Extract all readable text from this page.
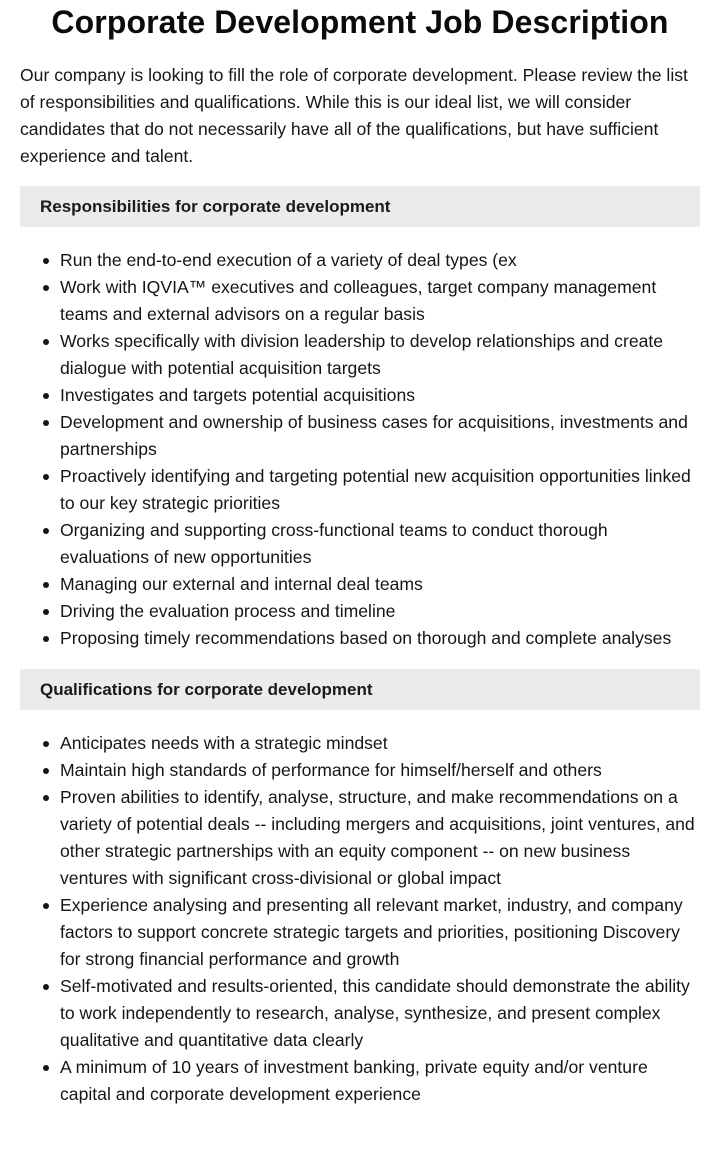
Corporate Development Job Description

Our company is looking to fill the role of corporate development. Please review the list of responsibilities and qualifications. While this is our ideal list, we will consider candidates that do not necessarily have all of the qualifications, but have sufficient experience and talent.

Responsibilities for corporate development
Run the end-to-end execution of a variety of deal types (ex
Work with IQVIA™ executives and colleagues, target company management teams and external advisors on a regular basis
Works specifically with division leadership to develop relationships and create dialogue with potential acquisition targets
Investigates and targets potential acquisitions
Development and ownership of business cases for acquisitions, investments and partnerships
Proactively identifying and targeting potential new acquisition opportunities linked to our key strategic priorities
Organizing and supporting cross-functional teams to conduct thorough evaluations of new opportunities
Managing our external and internal deal teams
Driving the evaluation process and timeline
Proposing timely recommendations based on thorough and complete analyses
Qualifications for corporate development
Anticipates needs with a strategic mindset
Maintain high standards of performance for himself/herself and others
Proven abilities to identify, analyse, structure, and make recommendations on a variety of potential deals -- including mergers and acquisitions, joint ventures, and other strategic partnerships with an equity component -- on new business ventures with significant cross-divisional or global impact
Experience analysing and presenting all relevant market, industry, and company factors to support concrete strategic targets and priorities, positioning Discovery for strong financial performance and growth
Self-motivated and results-oriented, this candidate should demonstrate the ability to work independently to research, analyse, synthesize, and present complex qualitative and quantitative data clearly
A minimum of 10 years of investment banking, private equity and/or venture capital and corporate development experience
